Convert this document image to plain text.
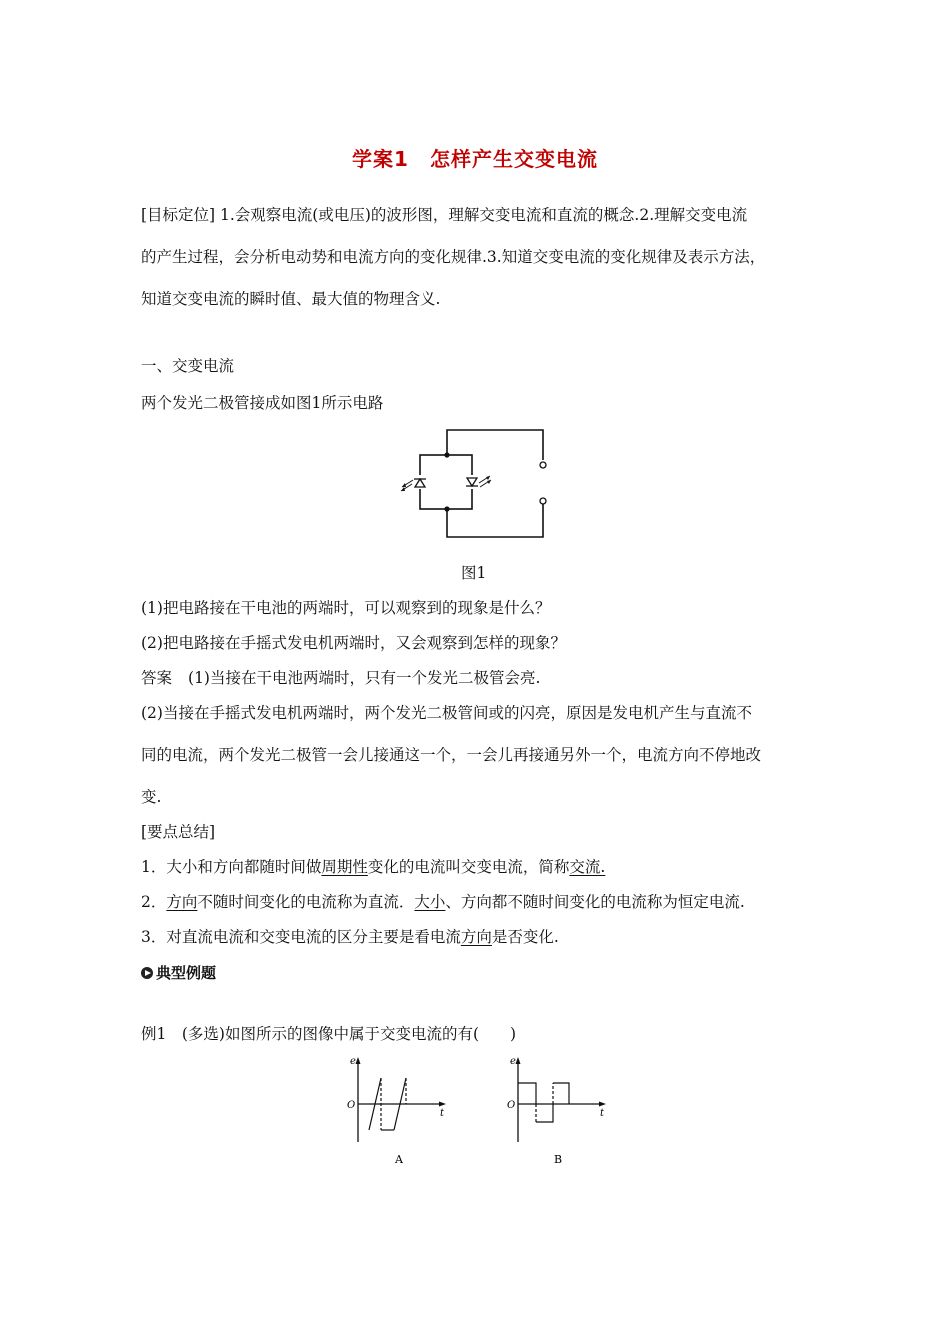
学案1　怎样产生交变电流
[目标定位] 1.会观察电流(或电压)的波形图，理解交变电流和直流的概念.2.理解交变电流
的产生过程，会分析电动势和电流方向的变化规律.3.知道交变电流的变化规律及表示方法，
知道交变电流的瞬时值、最大值的物理含义.
一、交变电流
两个发光二极管接成如图1所示电路
图1
(1)把电路接在干电池的两端时，可以观察到的现象是什么？
(2)把电路接在手摇式发电机两端时，又会观察到怎样的现象？
答案 (1)当接在干电池两端时，只有一个发光二极管会亮.
(2)当接在手摇式发电机两端时，两个发光二极管间或的闪亮，原因是发电机产生与直流不
同的电流，两个发光二极管一会儿接通这一个，一会儿再接通另外一个，电流方向不停地改
变.
[要点总结]
1．大小和方向都随时间做周期性变化的电流叫交变电流，简称交流.
2．方向不随时间变化的电流称为直流．大小、方向都不随时间变化的电流称为恒定电流.
3．对直流电流和交变电流的区分主要是看电流方向是否变化.
典型例题
例1　(多选)如图所示的图像中属于交变电流的有(　　)
e
O
t
A
e
O
t
B
